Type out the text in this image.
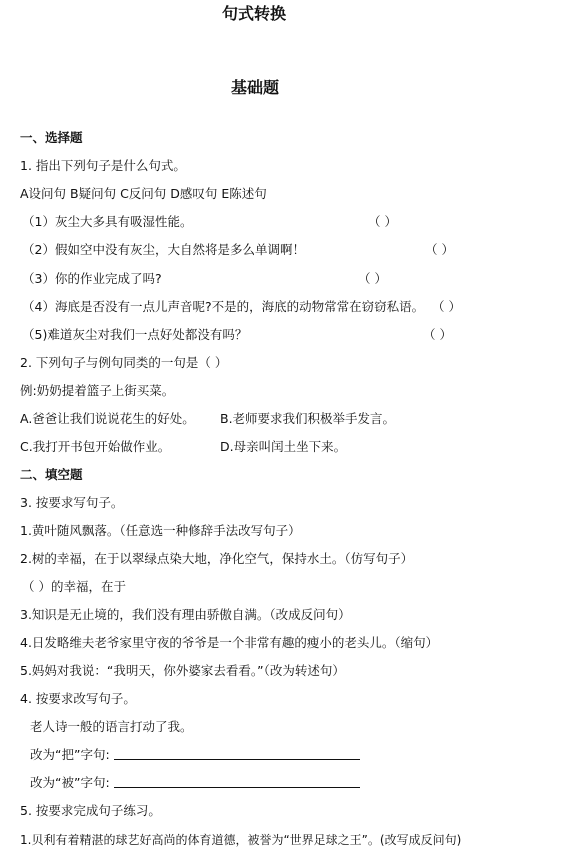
句式转换
基础题
一、选择题
1. 指出下列句子是什么句式。
A设问句 B疑问句 C反问句 D感叹句 E陈述句
（1）灰尘大多具有吸湿性能。	（ ）
（2）假如空中没有灰尘，大自然将是多么单调啊！	（ ）
（3）你的作业完成了吗?	（ ）
（4）海底是否没有一点儿声音呢?不是的，海底的动物常常在窃窃私语。 （ ）
（5)难道灰尘对我们一点好处都没有吗？	（ ）
2. 下列句子与例句同类的一句是（ ）
例:奶奶提着篮子上街买菜。
A.爸爸让我们说说花生的好处。 B.老师要求我们积极举手发言。
C.我打开书包开始做作业。	D.母亲叫闰土坐下来。
二、填空题
3. 按要求写句子。
1.黄叶随风飘落。（任意选一种修辞手法改写句子）
2.树的幸福，在于以翠绿点染大地，净化空气，保持水土。（仿写句子）
（ ）的幸福，在于
3.知识是无止境的，我们没有理由骄傲自满。（改成反问句）
4.日发略维夫老爷家里守夜的爷爷是一个非常有趣的瘦小的老头儿。（缩句）
5.妈妈对我说：“我明天，你外婆家去看看。”（改为转述句）
4. 按要求改写句子。
老人诗一般的语言打动了我。
改为“把”字句:
改为“被”字句:
5. 按要求完成句子练习。
1.贝利有着精湛的球艺好高尚的体育道德，被誉为“世界足球之王”。(改写成反问句)
